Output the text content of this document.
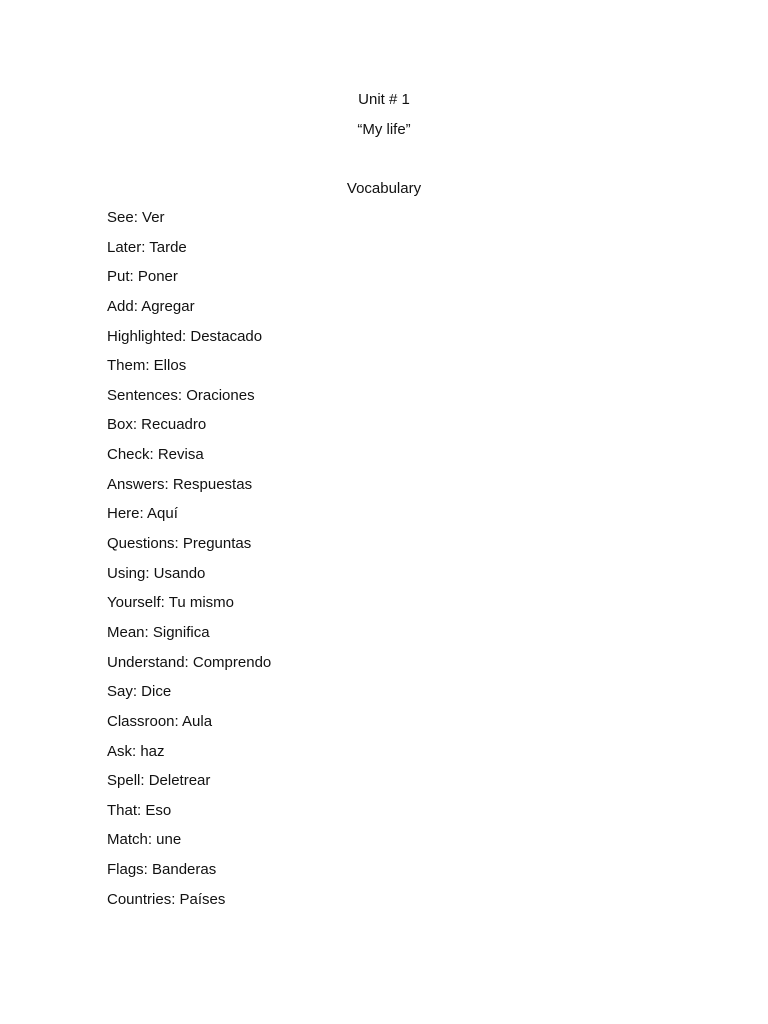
Unit # 1
“My life”
Vocabulary
See: Ver
Later: Tarde
Put: Poner
Add: Agregar
Highlighted: Destacado
Them: Ellos
Sentences: Oraciones
Box: Recuadro
Check: Revisa
Answers: Respuestas
Here: Aquí
Questions: Preguntas
Using: Usando
Yourself: Tu mismo
Mean: Significa
Understand: Comprendo
Say: Dice
Classroon: Aula
Ask: haz
Spell: Deletrear
That: Eso
Match: une
Flags: Banderas
Countries: Países
